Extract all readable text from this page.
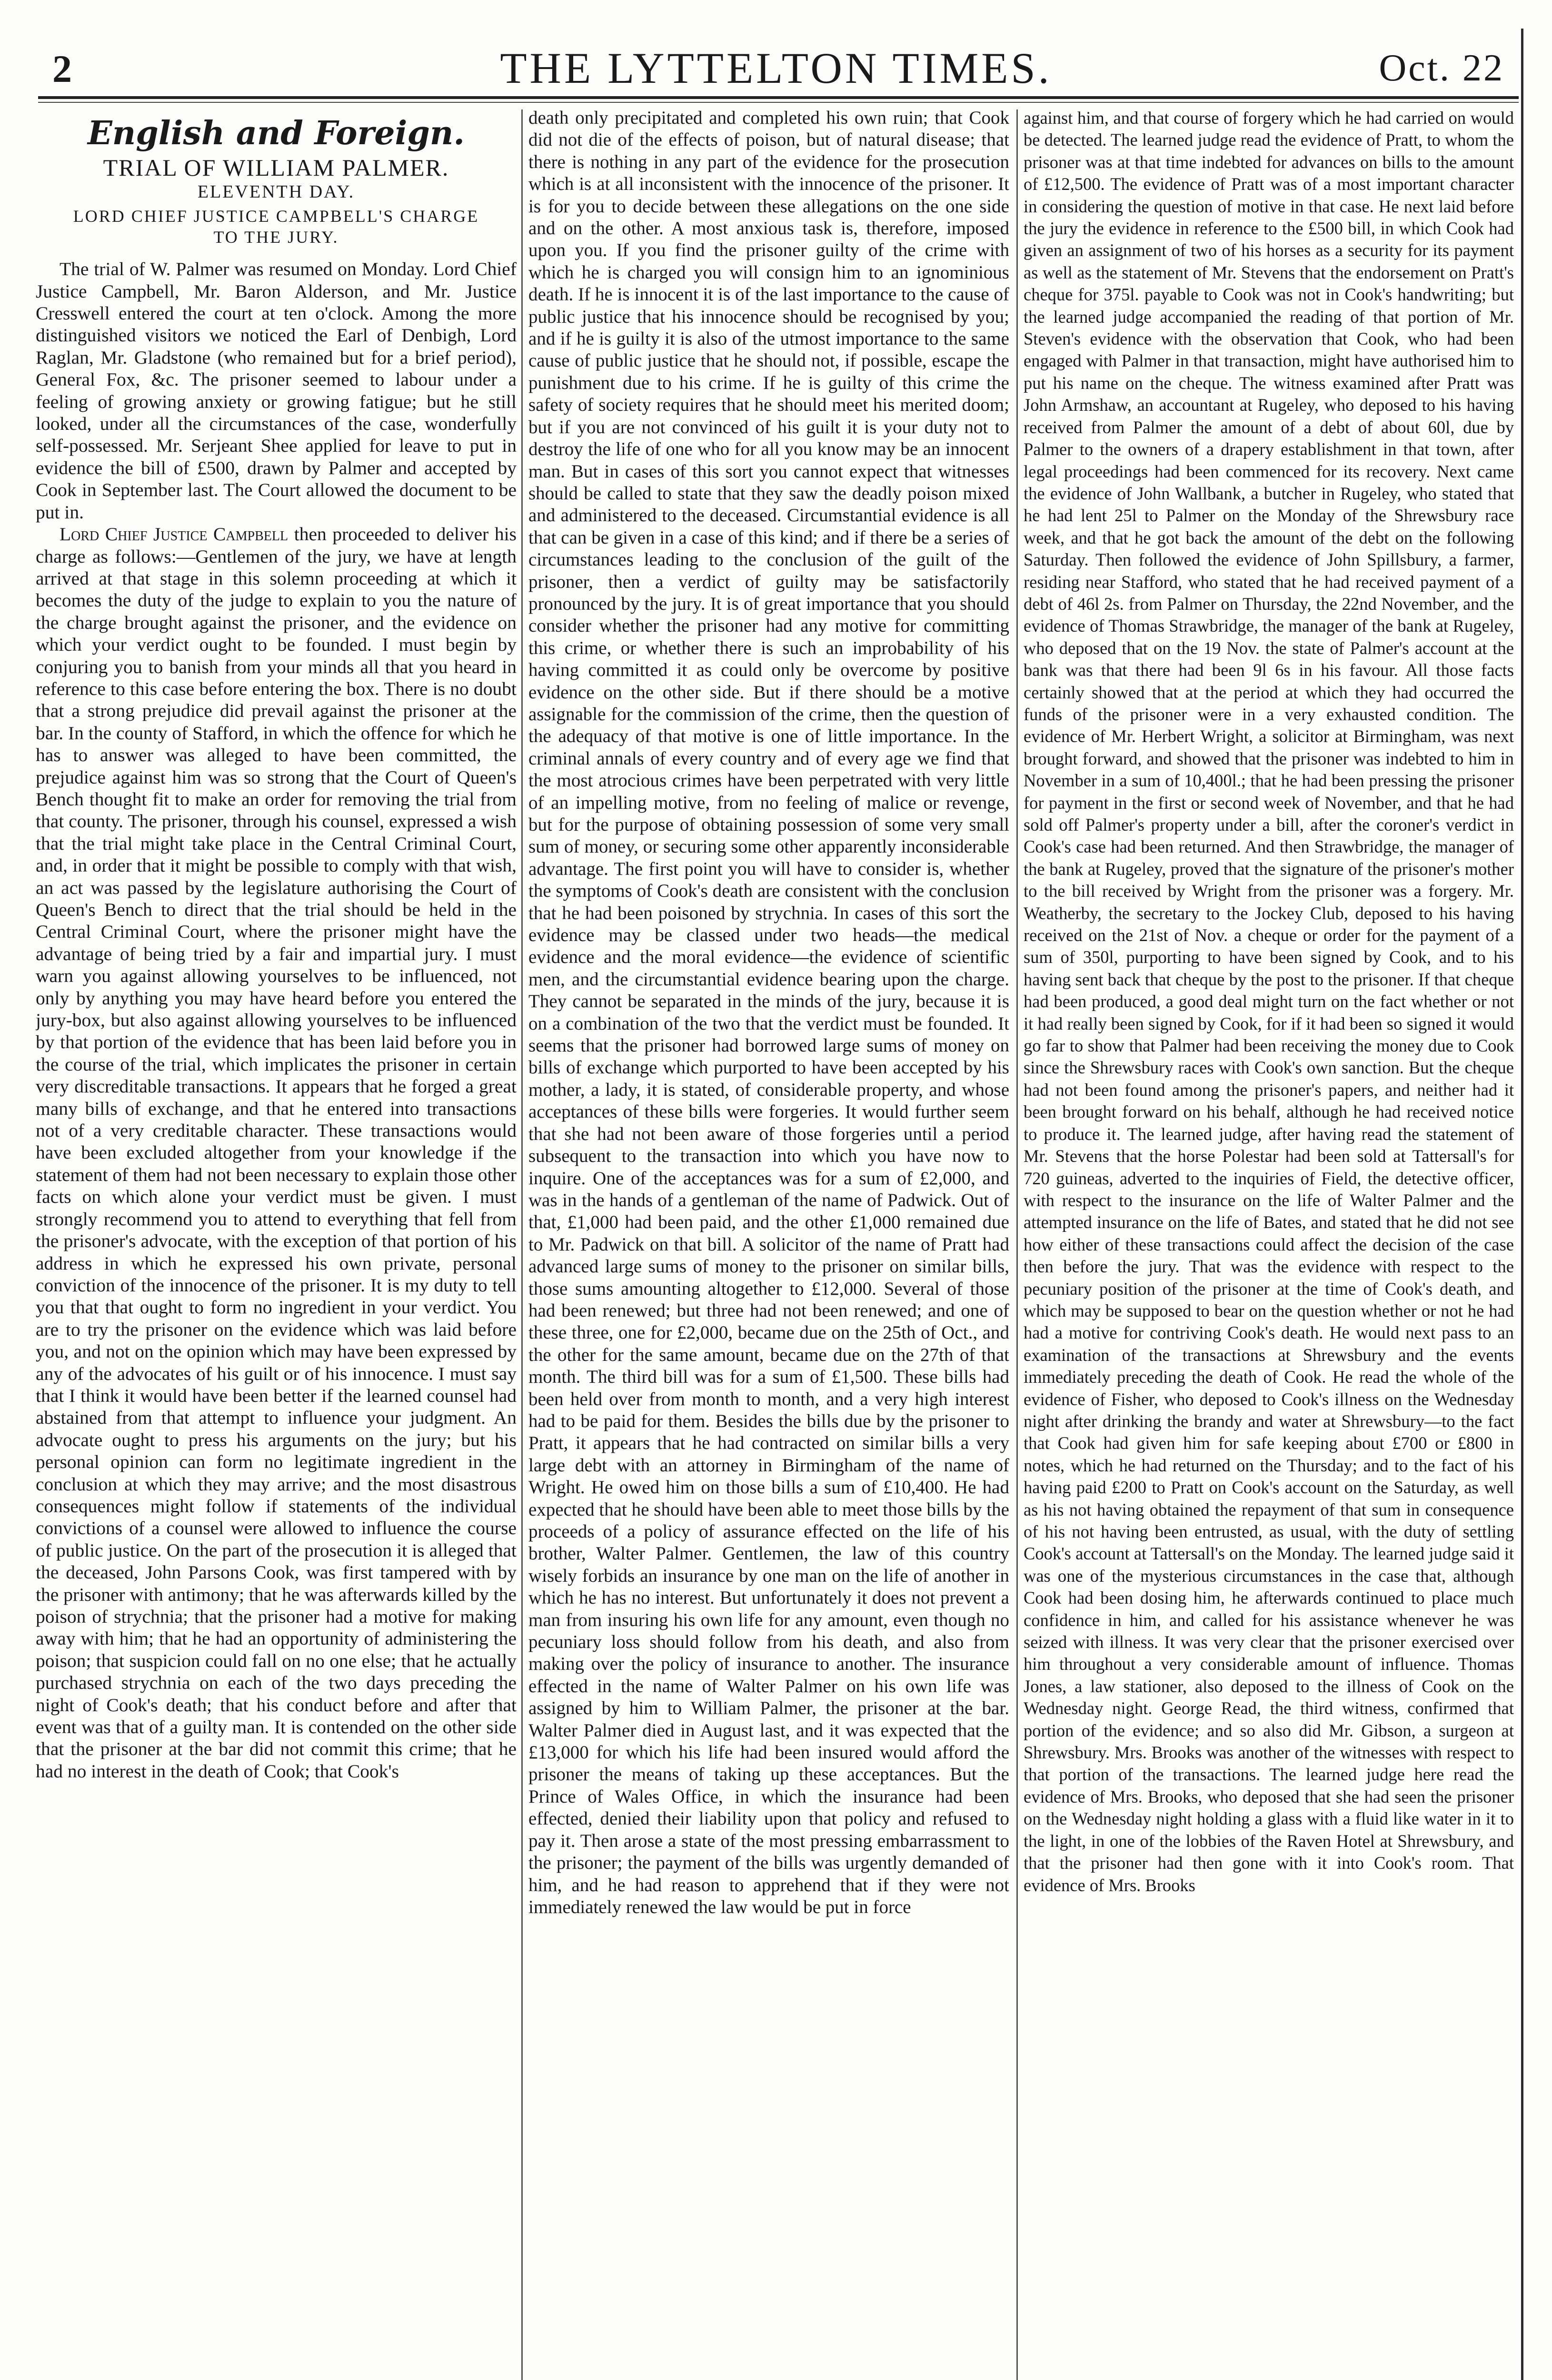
2	THE LYTTELTON TIMES.	Oct. 22
English and Foreign.
TRIAL OF WILLIAM PALMER.
ELEVENTH DAY.
LORD CHIEF JUSTICE CAMPBELL'S CHARGE TO THE JURY.

The trial of W. Palmer was resumed on Monday. Lord Chief Justice Campbell, Mr. Baron Alderson, and Mr. Justice Cresswell entered the court at ten o'clock. Among the more distinguished visitors we noticed the Earl of Denbigh, Lord Raglan, Mr. Gladstone (who remained but for a brief period), General Fox, &c. The prisoner seemed to labour under a feeling of growing anxiety or growing fatigue; but he still looked, under all the circumstances of the case, wonderfully self-possessed. Mr. Serjeant Shee applied for leave to put in evidence the bill of £500, drawn by Palmer and accepted by Cook in September last. The Court allowed the document to be put in.

Lord Chief Justice Campbell then proceeded to deliver his charge as follows:—Gentlemen of the jury, we have at length arrived at that stage in this solemn proceeding at which it becomes the duty of the judge to explain to you the nature of the charge brought against the prisoner, and the evidence on which your verdict ought to be founded. I must begin by conjuring you to banish from your minds all that you heard in reference to this case before entering the box. There is no doubt that a strong prejudice did prevail against the prisoner at the bar. In the county of Stafford, in which the offence for which he has to answer was alleged to have been committed, the prejudice against him was so strong that the Court of Queen's Bench thought fit to make an order for removing the trial from that county. The prisoner, through his counsel, expressed a wish that the trial might take place in the Central Criminal Court, and, in order that it might be possible to comply with that wish, an act was passed by the legislature authorising the Court of Queen's Bench to direct that the trial should be held in the Central Criminal Court, where the prisoner might have the advantage of being tried by a fair and impartial jury. I must warn you against allowing yourselves to be influenced, not only by anything you may have heard before you entered the jury-box, but also against allowing yourselves to be influenced by that portion of the evidence that has been laid before you in the course of the trial, which implicates the prisoner in certain very discreditable transactions. It appears that he forged a great many bills of exchange, and that he entered into transactions not of a very creditable character. These transactions would have been excluded altogether from your knowledge if the statement of them had not been necessary to explain those other facts on which alone your verdict must be given. I must strongly recommend you to attend to everything that fell from the prisoner's advocate, with the exception of that portion of his address in which he expressed his own private, personal conviction of the innocence of the prisoner. It is my duty to tell you that that ought to form no ingredient in your verdict. You are to try the prisoner on the evidence which was laid before you, and not on the opinion which may have been expressed by any of the advocates of his guilt or of his innocence. I must say that I think it would have been better if the learned counsel had abstained from that attempt to influence your judgment. An advocate ought to press his arguments on the jury; but his personal opinion can form no legitimate ingredient in the conclusion at which they may arrive; and the most disastrous consequences might follow if statements of the individual convictions of a counsel were allowed to influence the course of public justice. On the part of the prosecution it is alleged that the deceased, John Parsons Cook, was first tampered with by the prisoner with antimony; that he was afterwards killed by the poison of strychnia; that the prisoner had a motive for making away with him; that he had an opportunity of administering the poison; that suspicion could fall on no one else; that he actually purchased strychnia on each of the two days preceding the night of Cook's death; that his conduct before and after that event was that of a guilty man. It is contended on the other side that the prisoner at the bar did not commit this crime; that he had no interest in the death of Cook; that Cook's

death only precipitated and completed his own ruin; that Cook did not die of the effects of poison, but of natural disease; that there is nothing in any part of the evidence for the prosecution which is at all inconsistent with the innocence of the prisoner. It is for you to decide between these allegations on the one side and on the other. A most anxious task is, therefore, imposed upon you. If you find the prisoner guilty of the crime with which he is charged you will consign him to an ignominious death. If he is innocent it is of the last importance to the cause of public justice that his innocence should be recognised by you; and if he is guilty it is also of the utmost importance to the same cause of public justice that he should not, if possible, escape the punishment due to his crime. If he is guilty of this crime the safety of society requires that he should meet his merited doom; but if you are not convinced of his guilt it is your duty not to destroy the life of one who for all you know may be an innocent man. But in cases of this sort you cannot expect that witnesses should be called to state that they saw the deadly poison mixed and administered to the deceased. Circumstantial evidence is all that can be given in a case of this kind; and if there be a series of circumstances leading to the conclusion of the guilt of the prisoner, then a verdict of guilty may be satisfactorily pronounced by the jury. It is of great importance that you should consider whether the prisoner had any motive for committing this crime, or whether there is such an improbability of his having committed it as could only be overcome by positive evidence on the other side. But if there should be a motive assignable for the commission of the crime, then the question of the adequacy of that motive is one of little importance. In the criminal annals of every country and of every age we find that the most atrocious crimes have been perpetrated with very little of an impelling motive, from no feeling of malice or revenge, but for the purpose of obtaining possession of some very small sum of money, or securing some other apparently inconsiderable advantage. The first point you will have to consider is, whether the symptoms of Cook's death are consistent with the conclusion that he had been poisoned by strychnia. In cases of this sort the evidence may be classed under two heads—the medical evidence and the moral evidence—the evidence of scientific men, and the circumstantial evidence bearing upon the charge. They cannot be separated in the minds of the jury, because it is on a combination of the two that the verdict must be founded. It seems that the prisoner had borrowed large sums of money on bills of exchange which purported to have been accepted by his mother, a lady, it is stated, of considerable property, and whose acceptances of these bills were forgeries. It would further seem that she had not been aware of those forgeries until a period subsequent to the transaction into which you have now to inquire. One of the acceptances was for a sum of £2,000, and was in the hands of a gentleman of the name of Padwick. Out of that, £1,000 had been paid, and the other £1,000 remained due to Mr. Padwick on that bill. A solicitor of the name of Pratt had advanced large sums of money to the prisoner on similar bills, those sums amounting altogether to £12,000. Several of those had been renewed; but three had not been renewed; and one of these three, one for £2,000, became due on the 25th of Oct., and the other for the same amount, became due on the 27th of that month. The third bill was for a sum of £1,500. These bills had been held over from month to month, and a very high interest had to be paid for them. Besides the bills due by the prisoner to Pratt, it appears that he had contracted on similar bills a very large debt with an attorney in Birmingham of the name of Wright. He owed him on those bills a sum of £10,400. He had expected that he should have been able to meet those bills by the proceeds of a policy of assurance effected on the life of his brother, Walter Palmer. Gentlemen, the law of this country wisely forbids an insurance by one man on the life of another in which he has no interest. But unfortunately it does not prevent a man from insuring his own life for any amount, even though no pecuniary loss should follow from his death, and also from making over the policy of insurance to another. The insurance effected in the name of Walter Palmer on his own life was assigned by him to William Palmer, the prisoner at the bar. Walter Palmer died in August last, and it was expected that the £13,000 for which his life had been insured would afford the prisoner the means of taking up these acceptances. But the Prince of Wales Office, in which the insurance had been effected, denied their liability upon that policy and refused to pay it. Then arose a state of the most pressing embarrassment to the prisoner; the payment of the bills was urgently demanded of him, and he had reason to apprehend that if they were not immediately renewed the law would be put in force

against him, and that course of forgery which he had carried on would be detected. The learned judge read the evidence of Pratt, to whom the prisoner was at that time indebted for advances on bills to the amount of £12,500. The evidence of Pratt was of a most important character in considering the question of motive in that case. He next laid before the jury the evidence in reference to the £500 bill, in which Cook had given an assignment of two of his horses as a security for its payment as well as the statement of Mr. Stevens that the endorsement on Pratt's cheque for 375l. payable to Cook was not in Cook's handwriting; but the learned judge accompanied the reading of that portion of Mr. Steven's evidence with the observation that Cook, who had been engaged with Palmer in that transaction, might have authorised him to put his name on the cheque. The witness examined after Pratt was John Armshaw, an accountant at Rugeley, who deposed to his having received from Palmer the amount of a debt of about 60l, due by Palmer to the owners of a drapery establishment in that town, after legal proceedings had been commenced for its recovery. Next came the evidence of John Wallbank, a butcher in Rugeley, who stated that he had lent 25l to Palmer on the Monday of the Shrewsbury race week, and that he got back the amount of the debt on the following Saturday. Then followed the evidence of John Spillsbury, a farmer, residing near Stafford, who stated that he had received payment of a debt of 46l 2s. from Palmer on Thursday, the 22nd November, and the evidence of Thomas Strawbridge, the manager of the bank at Rugeley, who deposed that on the 19 Nov. the state of Palmer's account at the bank was that there had been 9l 6s in his favour. All those facts certainly showed that at the period at which they had occurred the funds of the prisoner were in a very exhausted condition. The evidence of Mr. Herbert Wright, a solicitor at Birmingham, was next brought forward, and showed that the prisoner was indebted to him in November in a sum of 10,400l.; that he had been pressing the prisoner for payment in the first or second week of November, and that he had sold off Palmer's property under a bill, after the coroner's verdict in Cook's case had been returned. And then Strawbridge, the manager of the bank at Rugeley, proved that the signature of the prisoner's mother to the bill received by Wright from the prisoner was a forgery. Mr. Weatherby, the secretary to the Jockey Club, deposed to his having received on the 21st of Nov. a cheque or order for the payment of a sum of 350l, purporting to have been signed by Cook, and to his having sent back that cheque by the post to the prisoner. If that cheque had been produced, a good deal might turn on the fact whether or not it had really been signed by Cook, for if it had been so signed it would go far to show that Palmer had been receiving the money due to Cook since the Shrewsbury races with Cook's own sanction. But the cheque had not been found among the prisoner's papers, and neither had it been brought forward on his behalf, although he had received notice to produce it. The learned judge, after having read the statement of Mr. Stevens that the horse Polestar had been sold at Tattersall's for 720 guineas, adverted to the inquiries of Field, the detective officer, with respect to the insurance on the life of Walter Palmer and the attempted insurance on the life of Bates, and stated that he did not see how either of these transactions could affect the decision of the case then before the jury. That was the evidence with respect to the pecuniary position of the prisoner at the time of Cook's death, and which may be supposed to bear on the question whether or not he had had a motive for contriving Cook's death. He would next pass to an examination of the transactions at Shrewsbury and the events immediately preceding the death of Cook. He read the whole of the evidence of Fisher, who deposed to Cook's illness on the Wednesday night after drinking the brandy and water at Shrewsbury—to the fact that Cook had given him for safe keeping about £700 or £800 in notes, which he had returned on the Thursday; and to the fact of his having paid £200 to Pratt on Cook's account on the Saturday, as well as his not having obtained the repayment of that sum in consequence of his not having been entrusted, as usual, with the duty of settling Cook's account at Tattersall's on the Monday. The learned judge said it was one of the mysterious circumstances in the case that, although Cook had been dosing him, he afterwards continued to place much confidence in him, and called for his assistance whenever he was seized with illness. It was very clear that the prisoner exercised over him throughout a very considerable amount of influence. Thomas Jones, a law stationer, also deposed to the illness of Cook on the Wednesday night. George Read, the third witness, confirmed that portion of the evidence; and so also did Mr. Gibson, a surgeon at Shrewsbury. Mrs. Brooks was another of the witnesses with respect to that portion of the transactions. The learned judge here read the evidence of Mrs. Brooks, who deposed that she had seen the prisoner on the Wednesday night holding a glass with a fluid like water in it to the light, in one of the lobbies of the Raven Hotel at Shrewsbury, and that the prisoner had then gone with it into Cook's room. That evidence of Mrs. Brooks
